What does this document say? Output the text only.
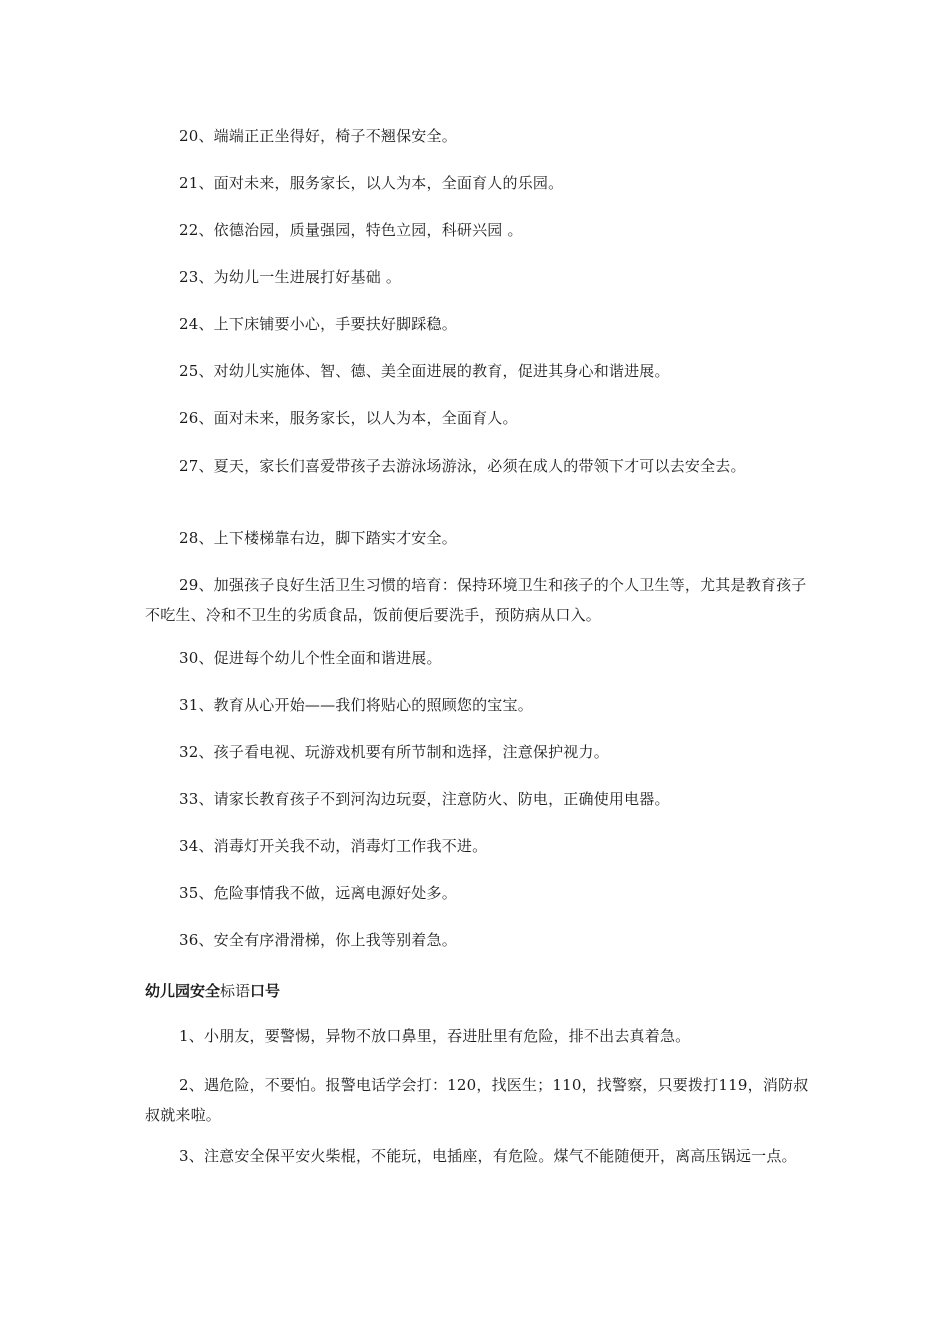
20、端端正正坐得好，椅子不翘保安全。

21、面对未来，服务家长，以人为本，全面育人的乐园。

22、依德治园，质量强园，特色立园，科研兴园 。

23、为幼儿一生进展打好基础 。

24、上下床铺要小心，手要扶好脚踩稳。

25、对幼儿实施体、智、德、美全面进展的教育，促进其身心和谐进展。

26、面对未来，服务家长，以人为本，全面育人。

27、夏天，家长们喜爱带孩子去游泳场游泳，必须在成人的带领下才可以去安全去。

28、上下楼梯靠右边，脚下踏实才安全。

29、加强孩子良好生活卫生习惯的培育：保持环境卫生和孩子的个人卫生等，尤其是教育孩子不吃生、冷和不卫生的劣质食品，饭前便后要洗手，预防病从口入。

30、促进每个幼儿个性全面和谐进展。

31、教育从心开始——我们将贴心的照顾您的宝宝。

32、孩子看电视、玩游戏机要有所节制和选择，注意保护视力。

33、请家长教育孩子不到河沟边玩耍，注意防火、防电，正确使用电器。

34、消毒灯开关我不动，消毒灯工作我不进。

35、危险事情我不做，远离电源好处多。

36、安全有序滑滑梯，你上我等别着急。

幼儿园安全标语口号

1、小朋友，要警惕，异物不放口鼻里，吞进肚里有危险，排不出去真着急。

2、遇危险，不要怕。报警电话学会打：120，找医生；110，找警察，只要拨打119，消防叔叔就来啦。

3、注意安全保平安火柴棍，不能玩，电插座，有危险。煤气不能随便开，离高压锅远一点。
